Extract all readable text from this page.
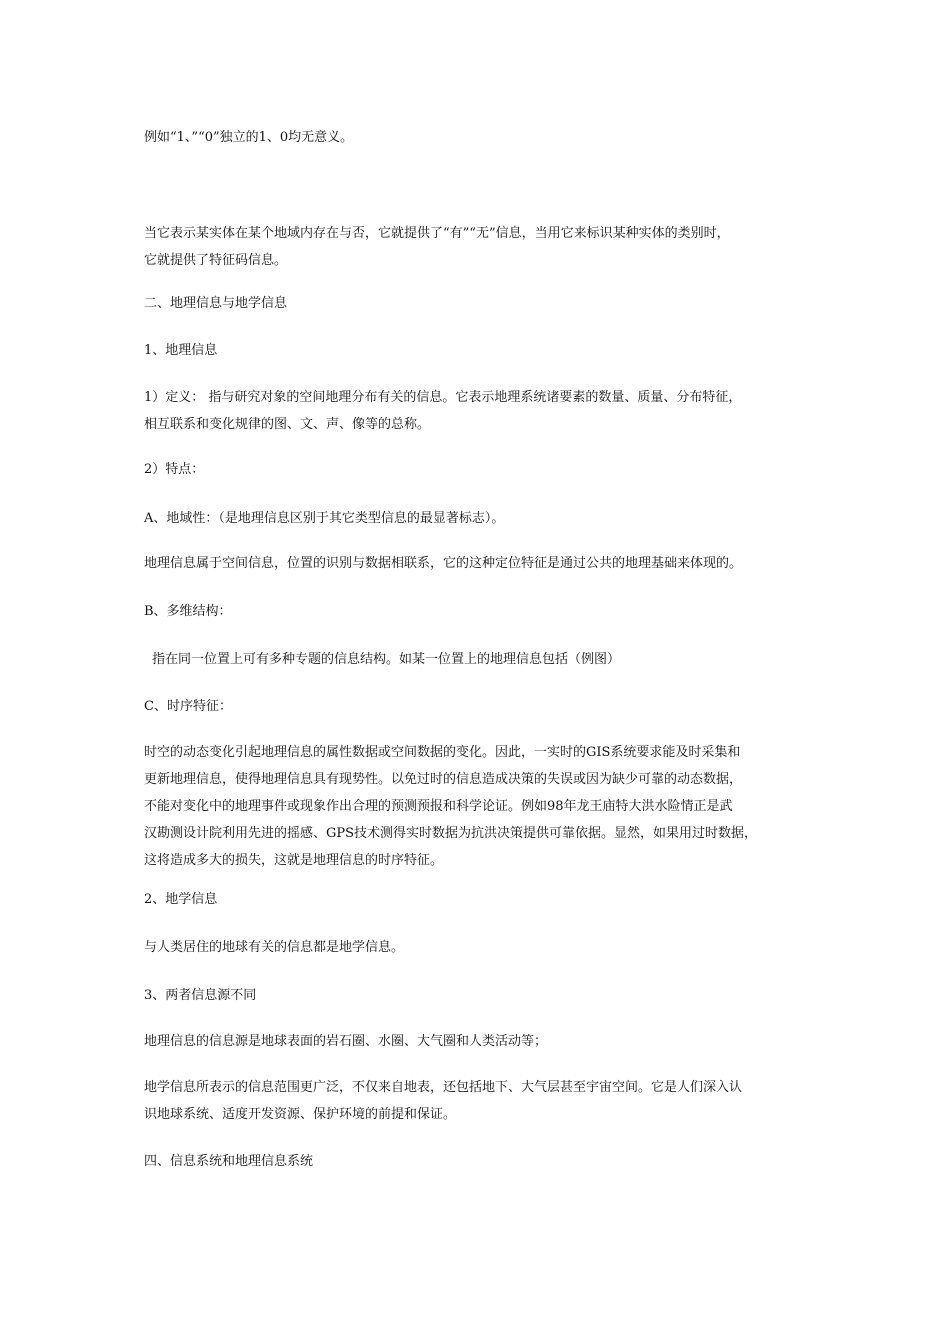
例如“1、”“0”独立的1、0均无意义。

当它表示某实体在某个地域内存在与否，它就提供了“有”“无”信息，当用它来标识某种实体的类别时，
它就提供了特征码信息。

二、地理信息与地学信息

1、地理信息

1）定义： 指与研究对象的空间地理分布有关的信息。它表示地理系统诸要素的数量、质量、分布特征，
相互联系和变化规律的图、文、声、像等的总称。

2）特点：

A、地域性：（是地理信息区别于其它类型信息的最显著标志）。

地理信息属于空间信息，位置的识别与数据相联系，它的这种定位特征是通过公共的地理基础来体现的。

B、多维结构：

指在同一位置上可有多种专题的信息结构。如某一位置上的地理信息包括（例图）

C、时序特征：

时空的动态变化引起地理信息的属性数据或空间数据的变化。因此，一实时的GIS系统要求能及时采集和
更新地理信息，使得地理信息具有现势性。以免过时的信息造成决策的失误或因为缺少可靠的动态数据，
不能对变化中的地理事件或现象作出合理的预测预报和科学论证。例如98年龙王庙特大洪水险情正是武
汉勘测设计院利用先进的摇感、GPS技术测得实时数据为抗洪决策提供可靠依据。显然，如果用过时数据，
这将造成多大的损失，这就是地理信息的时序特征。

2、地学信息

与人类居住的地球有关的信息都是地学信息。

3、两者信息源不同

地理信息的信息源是地球表面的岩石圈、水圈、大气圈和人类活动等；

地学信息所表示的信息范围更广泛，不仅来自地表，还包括地下、大气层甚至宇宙空间。它是人们深入认
识地球系统、适度开发资源、保护环境的前提和保证。

四、信息系统和地理信息系统
